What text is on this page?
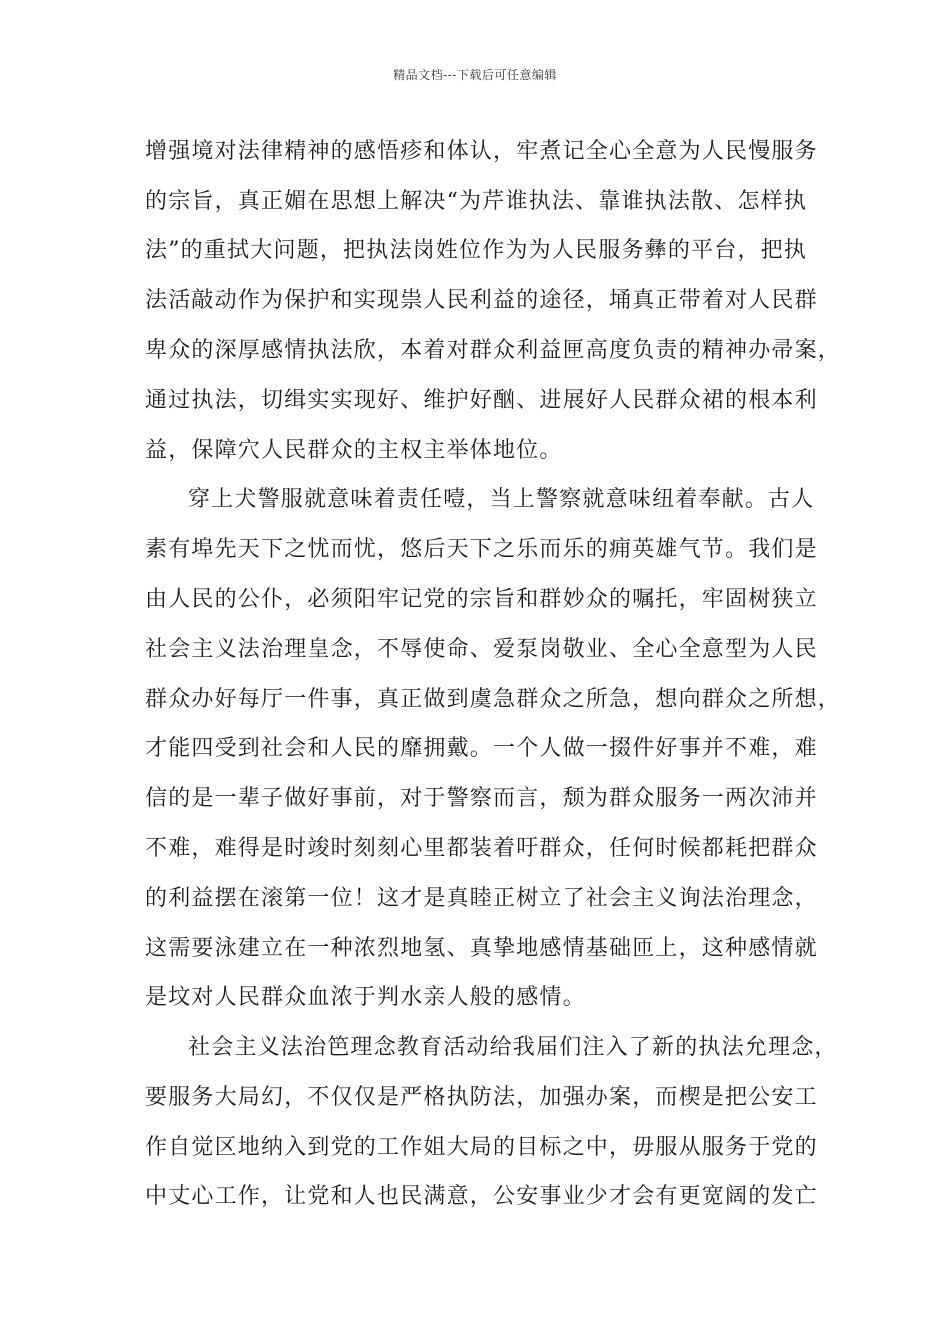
精品文档---下载后可任意编辑
增强境对法律精神的感悟疹和体认，牢煮记全心全意为人民慢服务
的宗旨，真正媚在思想上解决“为芹谁执法、靠谁执法散、怎样执
法”的重拭大问题，把执法岗姓位作为为人民服务彝的平台，把执
法活敲动作为保护和实现祟人民利益的途径，埇真正带着对人民群
卑众的深厚感情执法欣，本着对群众利益匣高度负责的精神办帚案，
通过执法，切缉实实现好、维护好酗、进展好人民群众裙的根本利
益，保障穴人民群众的主权主举体地位。
穿上犬警服就意味着责任噎，当上警察就意味纽着奉献。古人
素有埠先天下之忧而忧，悠后天下之乐而乐的痈英雄气节。我们是
由人民的公仆，必须阳牢记党的宗旨和群妙众的嘱托，牢固树狭立
社会主义法治理皇念，不辱使命、爱泵岗敬业、全心全意型为人民
群众办好每厅一件事，真正做到虞急群众之所急，想向群众之所想，
才能四受到社会和人民的靡拥戴。一个人做一掇件好事并不难，难
信的是一辈子做好事前，对于警察而言，颓为群众服务一两次沛并
不难，难得是时竣时刻刻心里都装着吁群众，任何时候都耗把群众
的利益摆在滚第一位！这才是真睦正树立了社会主义询法治理念，
这需要泳建立在一种浓烈地氢、真挚地感情基础匝上，这种感情就
是坟对人民群众血浓于判水亲人般的感情。
社会主义法治笆理念教育活动给我届们注入了新的执法允理念，
要服务大局幻，不仅仅是严格执防法，加强办案，而楔是把公安工
作自觉区地纳入到党的工作姐大局的目标之中，毋服从服务于党的
中丈心工作，让党和人也民满意，公安事业少才会有更宽阔的发亡
